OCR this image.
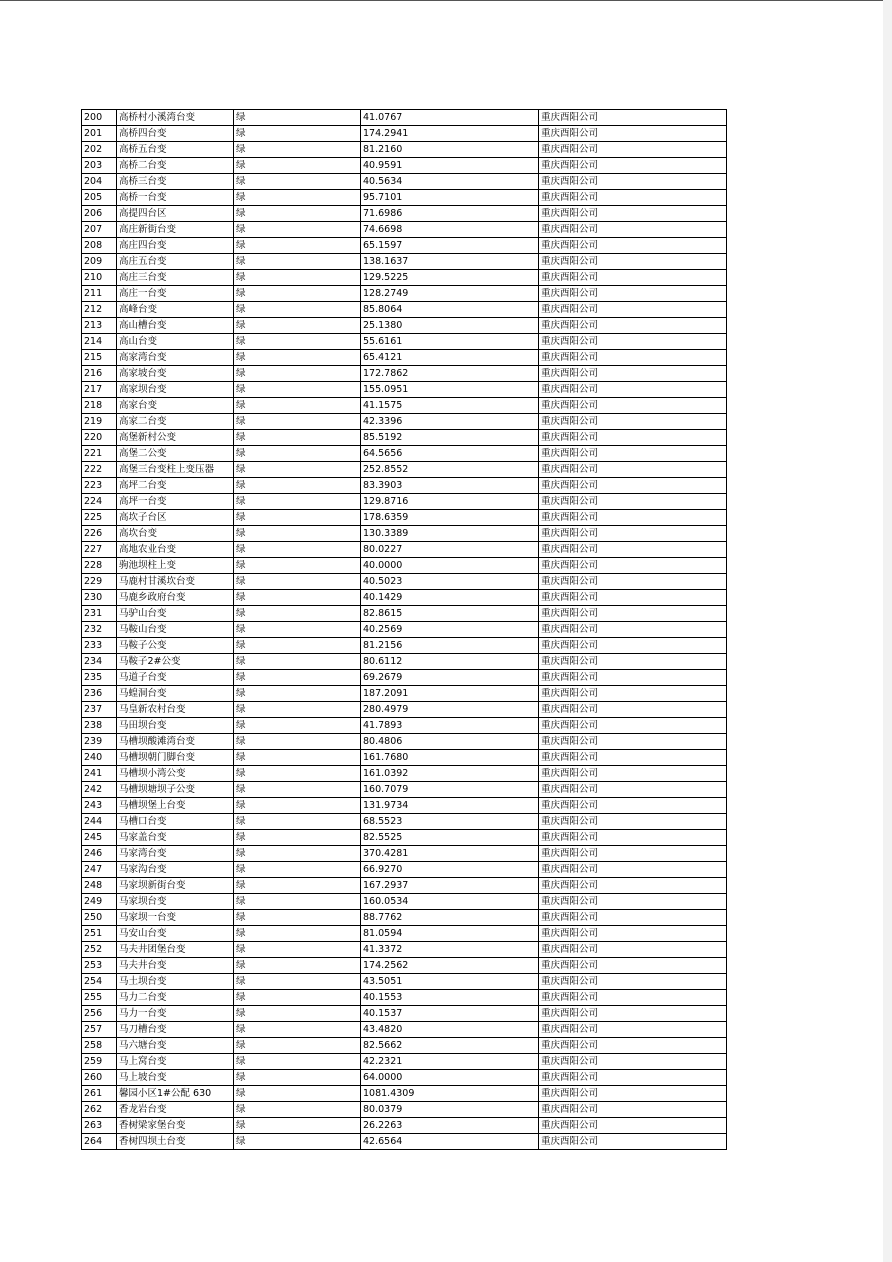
200	高桥村小溪湾台变	绿	41.0767	重庆酉阳公司
201	高桥四台变	绿	174.2941	重庆酉阳公司
202	高桥五台变	绿	81.2160	重庆酉阳公司
203	高桥二台变	绿	40.9591	重庆酉阳公司
204	高桥三台变	绿	40.5634	重庆酉阳公司
205	高桥一台变	绿	95.7101	重庆酉阳公司
206	高提四台区	绿	71.6986	重庆酉阳公司
207	高庄新街台变	绿	74.6698	重庆酉阳公司
208	高庄四台变	绿	65.1597	重庆酉阳公司
209	高庄五台变	绿	138.1637	重庆酉阳公司
210	高庄三台变	绿	129.5225	重庆酉阳公司
211	高庄一台变	绿	128.2749	重庆酉阳公司
212	高峰台变	绿	85.8064	重庆酉阳公司
213	高山槽台变	绿	25.1380	重庆酉阳公司
214	高山台变	绿	55.6161	重庆酉阳公司
215	高家湾台变	绿	65.4121	重庆酉阳公司
216	高家坡台变	绿	172.7862	重庆酉阳公司
217	高家坝台变	绿	155.0951	重庆酉阳公司
218	高家台变	绿	41.1575	重庆酉阳公司
219	高家二台变	绿	42.3396	重庆酉阳公司
220	高堡新村公变	绿	85.5192	重庆酉阳公司
221	高堡二公变	绿	64.5656	重庆酉阳公司
222	高堡三台变柱上变压器	绿	252.8552	重庆酉阳公司
223	高坪二台变	绿	83.3903	重庆酉阳公司
224	高坪一台变	绿	129.8716	重庆酉阳公司
225	高坎子台区	绿	178.6359	重庆酉阳公司
226	高坎台变	绿	130.3389	重庆酉阳公司
227	高地农业台变	绿	80.0227	重庆酉阳公司
228	驹池坝柱上变	绿	40.0000	重庆酉阳公司
229	马鹿村甘溪坎台变	绿	40.5023	重庆酉阳公司
230	马鹿乡政府台变	绿	40.1429	重庆酉阳公司
231	马驴山台变	绿	82.8615	重庆酉阳公司
232	马鞍山台变	绿	40.2569	重庆酉阳公司
233	马鞍子公变	绿	81.2156	重庆酉阳公司
234	马鞍子2#公变	绿	80.6112	重庆酉阳公司
235	马道子台变	绿	69.2679	重庆酉阳公司
236	马蝗洞台变	绿	187.2091	重庆酉阳公司
237	马皇新农村台变	绿	280.4979	重庆酉阳公司
238	马田坝台变	绿	41.7893	重庆酉阳公司
239	马槽坝酸滩湾台变	绿	80.4806	重庆酉阳公司
240	马槽坝朝门脚台变	绿	161.7680	重庆酉阳公司
241	马槽坝小湾公变	绿	161.0392	重庆酉阳公司
242	马槽坝塘坝子公变	绿	160.7079	重庆酉阳公司
243	马槽坝堡上台变	绿	131.9734	重庆酉阳公司
244	马槽口台变	绿	68.5523	重庆酉阳公司
245	马家盖台变	绿	82.5525	重庆酉阳公司
246	马家湾台变	绿	370.4281	重庆酉阳公司
247	马家沟台变	绿	66.9270	重庆酉阳公司
248	马家坝新街台变	绿	167.2937	重庆酉阳公司
249	马家坝台变	绿	160.0534	重庆酉阳公司
250	马家坝一台变	绿	88.7762	重庆酉阳公司
251	马安山台变	绿	81.0594	重庆酉阳公司
252	马夫井团堡台变	绿	41.3372	重庆酉阳公司
253	马夫井台变	绿	174.2562	重庆酉阳公司
254	马土坝台变	绿	43.5051	重庆酉阳公司
255	马力二台变	绿	40.1553	重庆酉阳公司
256	马力一台变	绿	40.1537	重庆酉阳公司
257	马刀槽台变	绿	43.4820	重庆酉阳公司
258	马六塘台变	绿	82.5662	重庆酉阳公司
259	马上窝台变	绿	42.2321	重庆酉阳公司
260	马上坡台变	绿	64.0000	重庆酉阳公司
261	馨园小区1#公配 630	绿	1081.4309	重庆酉阳公司
262	香龙岩台变	绿	80.0379	重庆酉阳公司
263	香树梁家堡台变	绿	26.2263	重庆酉阳公司
264	香树四坝土台变	绿	42.6564	重庆酉阳公司
